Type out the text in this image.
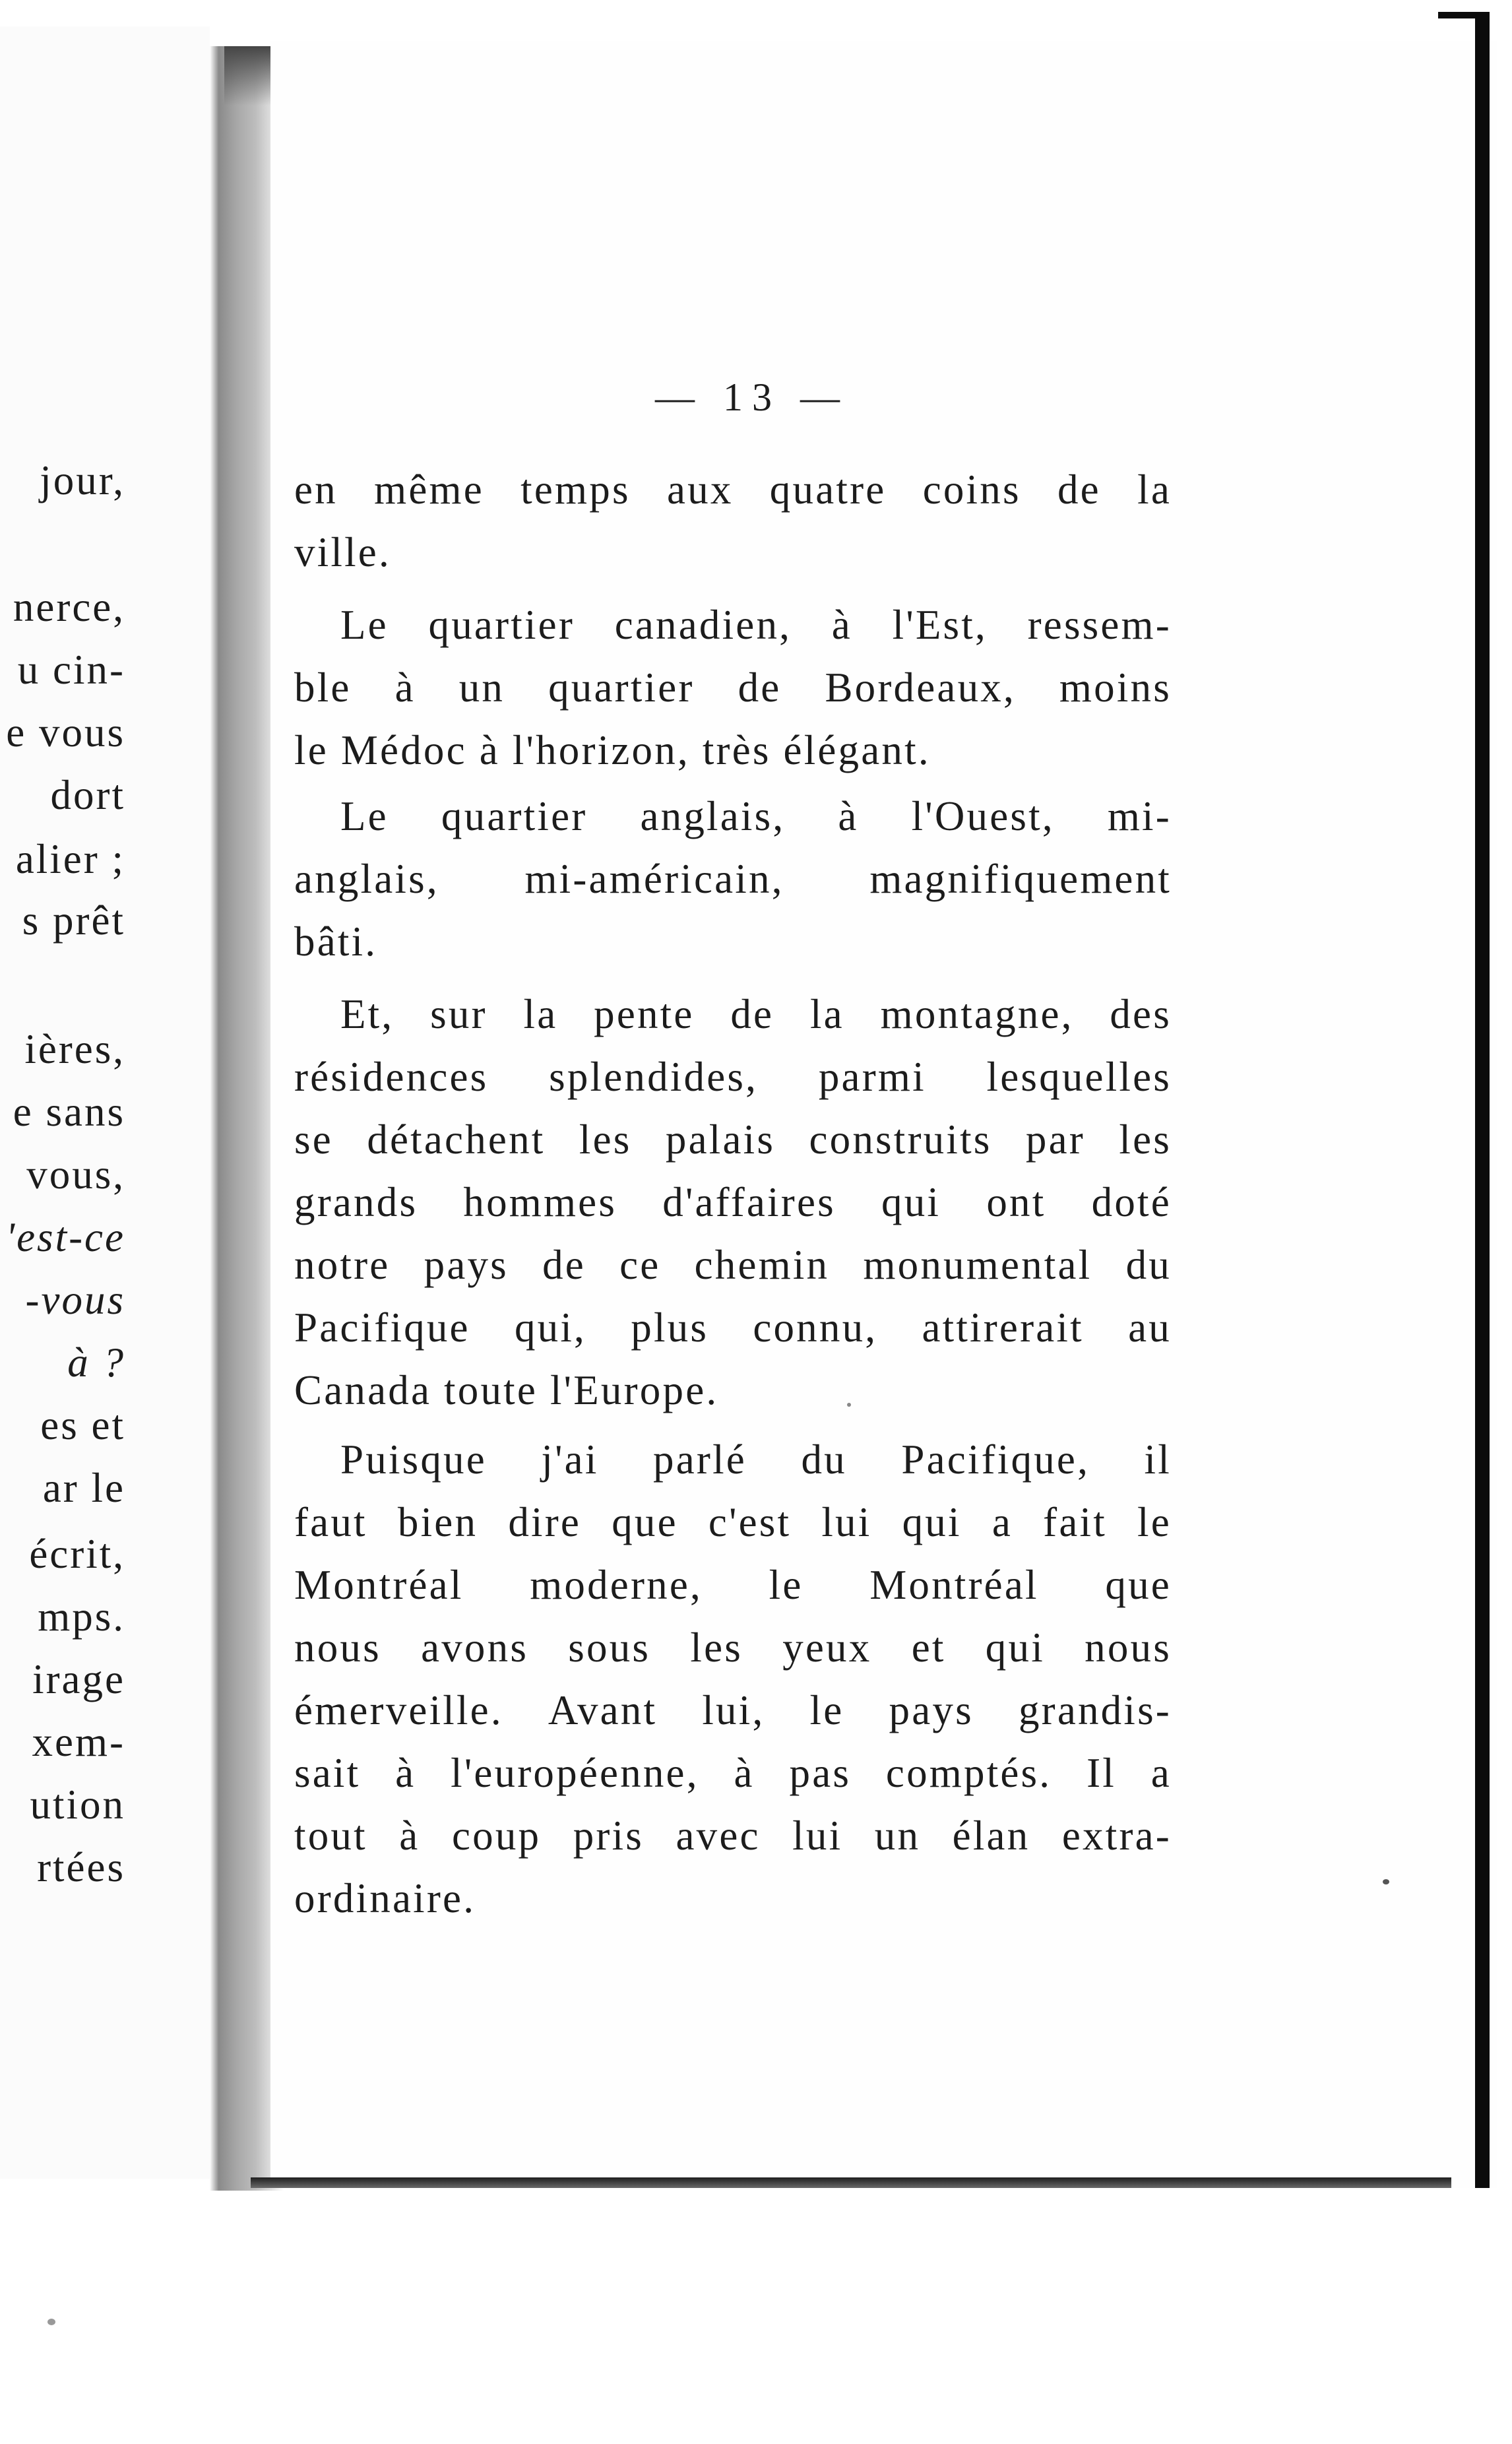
jour,
nerce,
u cin-
e vous
dort
alier ;
s prêt
ières,
e sans
vous,
'est-ce
-vous
à ?
es et
ar le
écrit,
mps.
irage
xem-
ution
rtées
— 13 —
en même temps aux quatre coins de la
ville.
Le quartier canadien, à l'Est, ressem-
ble à un quartier de Bordeaux, moins
le Médoc à l'horizon, très élégant.
Le quartier anglais, à l'Ouest, mi-
anglais, mi-américain, magnifiquement
bâti.
Et, sur la pente de la montagne, des
résidences splendides, parmi lesquelles
se détachent les palais construits par les
grands hommes d'affaires qui ont doté
notre pays de ce chemin monumental du
Pacifique qui, plus connu, attirerait au
Canada toute l'Europe.
Puisque j'ai parlé du Pacifique, il
faut bien dire que c'est lui qui a fait le
Montréal moderne, le Montréal que
nous avons sous les yeux et qui nous
émerveille. Avant lui, le pays grandis-
sait à l'européenne, à pas comptés. Il a
tout à coup pris avec lui un élan extra-
ordinaire.
